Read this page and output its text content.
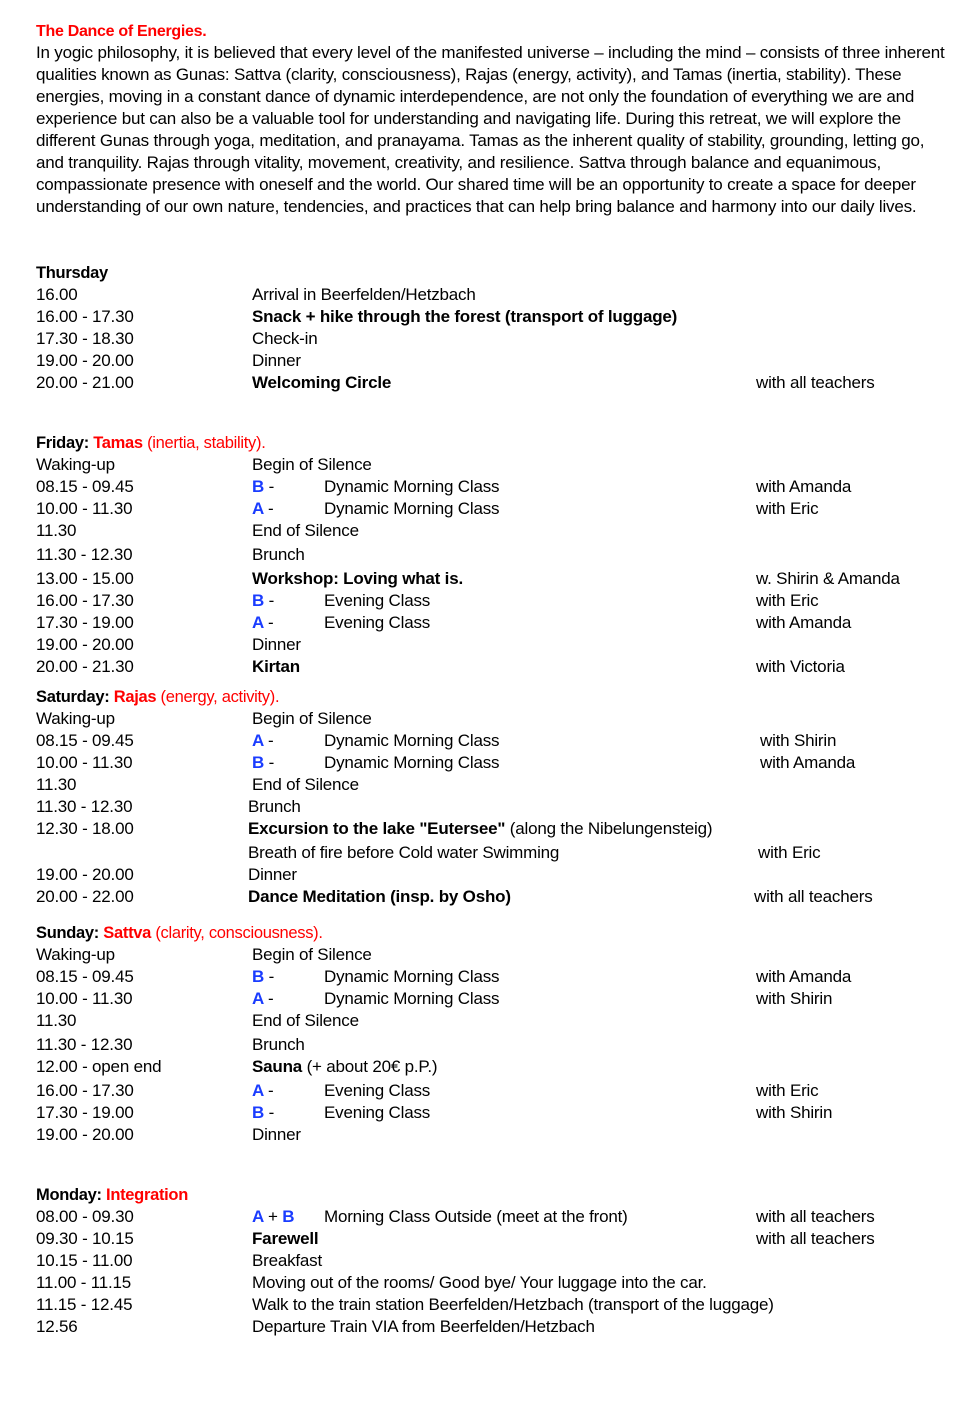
The Dance of Energies.

In yogic philosophy, it is believed that every level of the manifested universe – including the mind – consists of three inherent qualities known as Gunas: Sattva (clarity, consciousness), Rajas (energy, activity), and Tamas (inertia, stability). These energies, moving in a constant dance of dynamic interdependence, are not only the foundation of everything we are and experience but can also be a valuable tool for understanding and navigating life. During this retreat, we will explore the different Gunas through yoga, meditation, and pranayama. Tamas as the inherent quality of stability, grounding, letting go, and tranquility. Rajas through vitality, movement, creativity, and resilience. Sattva through balance and equanimous, compassionate presence with oneself and the world. Our shared time will be an opportunity to create a space for deeper understanding of our own nature, tendencies, and practices that can help bring balance and harmony into our daily lives.

Thursday
16.00	Arrival in Beerfelden/Hetzbach
16.00 - 17.30	Snack + hike through the forest (transport of luggage)
17.30 - 18.30	Check-in
19.00 - 20.00	Dinner
20.00 - 21.00	Welcoming Circle	with all teachers
Friday: Tamas (inertia, stability).
Waking-up	Begin of Silence
08.15 - 09.45	B -	Dynamic Morning Class	with Amanda
10.00 - 11.30	A -	Dynamic Morning Class	with Eric
11.30	End of Silence
11.30 - 12.30	Brunch
13.00 - 15.00	Workshop: Loving what is.	w. Shirin & Amanda
16.00 - 17.30	B -	Evening Class	with Eric
17.30 - 19.00	A -	Evening Class	with Amanda
19.00 - 20.00	Dinner
20.00 - 21.30	Kirtan	with Victoria
Saturday: Rajas (energy, activity).
Waking-up	Begin of Silence
08.15 - 09.45	A -	Dynamic Morning Class	with Shirin
10.00 - 11.30	B -	Dynamic Morning Class	with Amanda
11.30	End of Silence
11.30 - 12.30	Brunch
12.30 - 18.00	Excursion to the lake "Eutersee" (along the Nibelungensteig)
Breath of fire before Cold water Swimming	with Eric
19.00 - 20.00	Dinner
20.00 - 22.00	Dance Meditation (insp. by Osho)	with all teachers
Sunday: Sattva (clarity, consciousness).
Waking-up	Begin of Silence
08.15 - 09.45	B -	Dynamic Morning Class	with Amanda
10.00 - 11.30	A -	Dynamic Morning Class	with Shirin
11.30	End of Silence
11.30 - 12.30	Brunch
12.00 - open end	Sauna (+ about 20€ p.P.)
16.00 - 17.30	A -	Evening Class	with Eric
17.30 - 19.00	B -	Evening Class	with Shirin
19.00 - 20.00	Dinner
Monday: Integration
08.00 - 09.30	A + B Morning Class Outside (meet at the front)	with all teachers
09.30 - 10.15	Farewell	with all teachers
10.15 - 11.00	Breakfast
11.00 - 11.15	Moving out of the rooms/ Good bye/ Your luggage into the car.
11.15 - 12.45	Walk to the train station Beerfelden/Hetzbach (transport of the luggage)
12.56	Departure Train VIA from Beerfelden/Hetzbach
